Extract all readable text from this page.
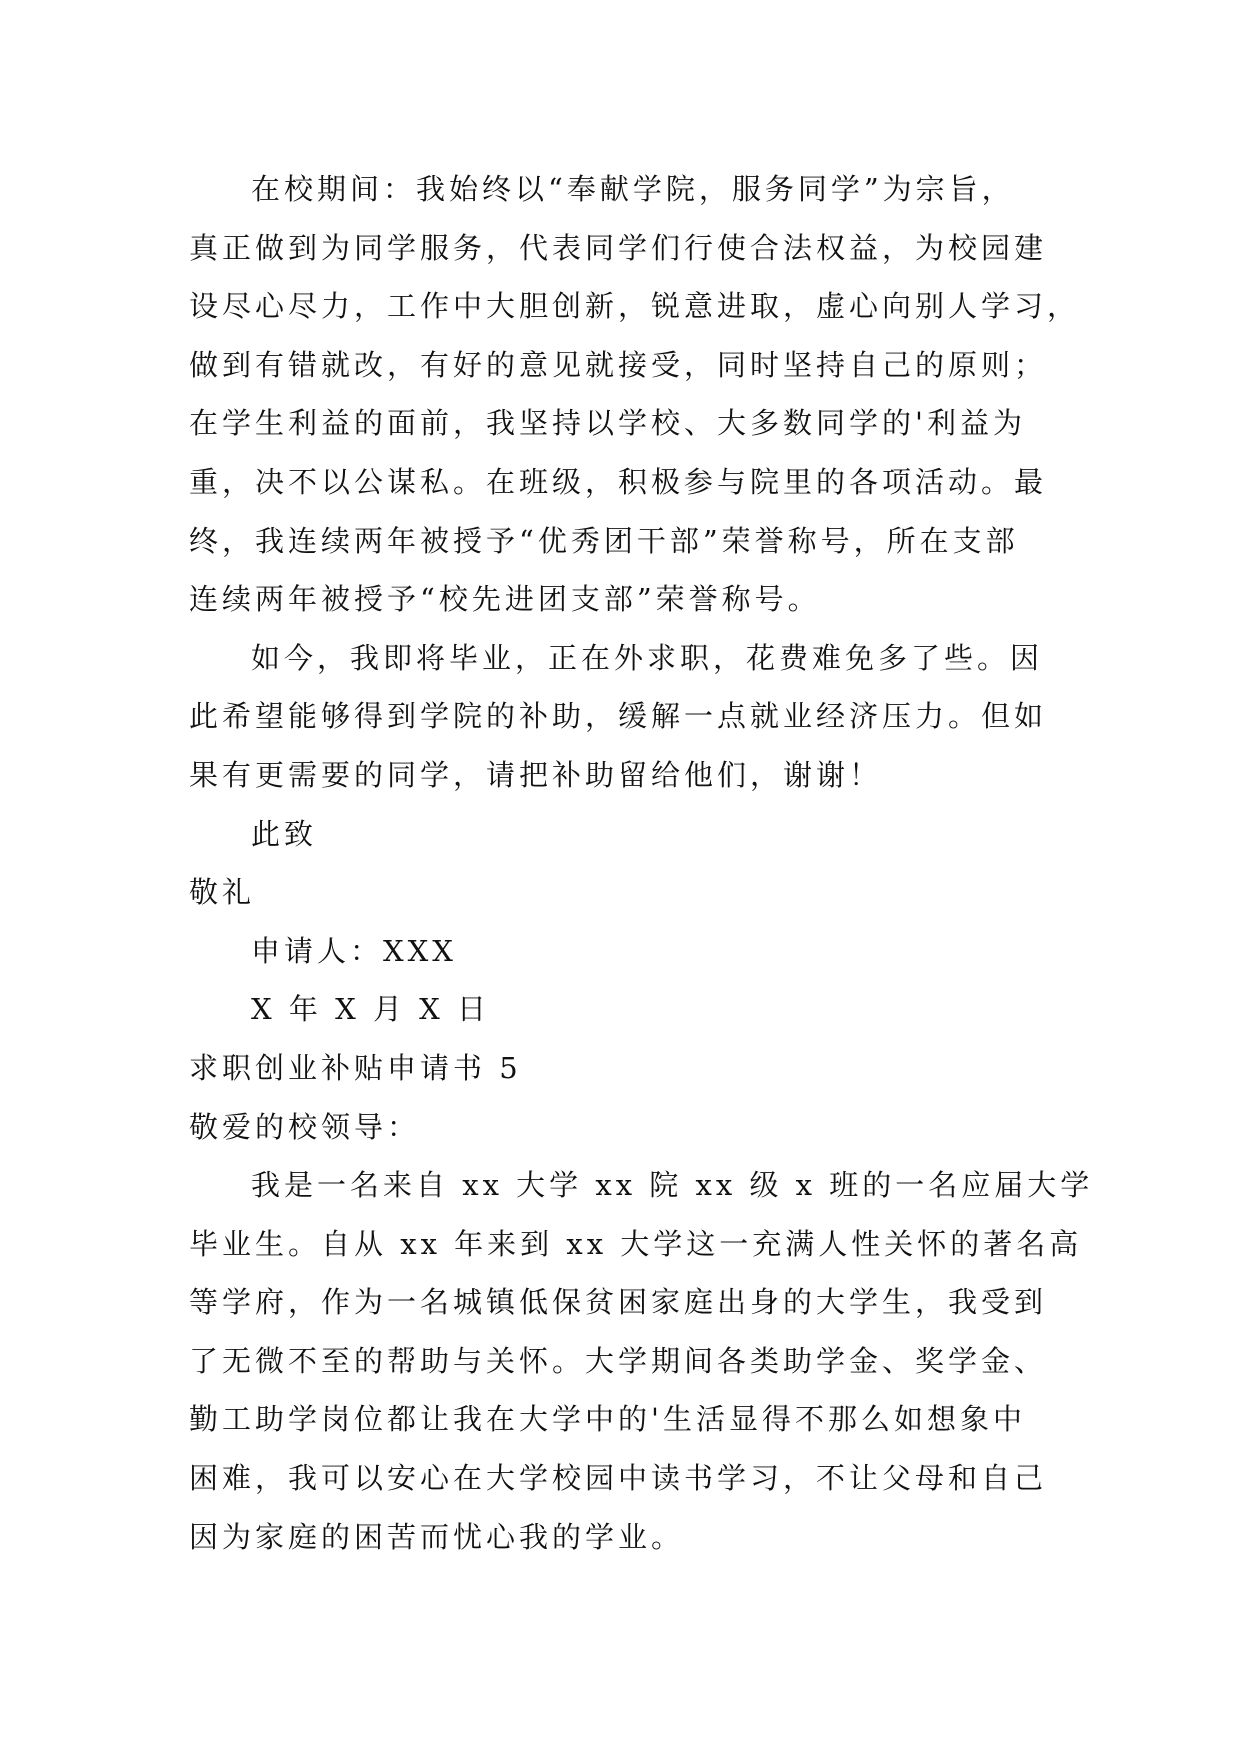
在校期间：我始终以“奉献学院，服务同学”为宗旨，
真正做到为同学服务，代表同学们行使合法权益，为校园建
设尽心尽力，工作中大胆创新，锐意进取，虚心向别人学习，
做到有错就改，有好的意见就接受，同时坚持自己的原则；
在学生利益的面前，我坚持以学校、大多数同学的'利益为
重，决不以公谋私。在班级，积极参与院里的各项活动。最
终，我连续两年被授予“优秀团干部”荣誉称号，所在支部
连续两年被授予“校先进团支部”荣誉称号。

如今，我即将毕业，正在外求职，花费难免多了些。因
此希望能够得到学院的补助，缓解一点就业经济压力。但如
果有更需要的同学，请把补助留给他们，谢谢！

此致

敬礼

申请人：XXX

X 年 X 月 X 日

求职创业补贴申请书 5

敬爱的校领导：

我是一名来自 xx 大学 xx 院 xx 级 x 班的一名应届大学
毕业生。自从 xx 年来到 xx 大学这一充满人性关怀的著名高
等学府，作为一名城镇低保贫困家庭出身的大学生，我受到
了无微不至的帮助与关怀。大学期间各类助学金、奖学金、
勤工助学岗位都让我在大学中的'生活显得不那么如想象中
困难，我可以安心在大学校园中读书学习，不让父母和自己
因为家庭的困苦而忧心我的学业。
